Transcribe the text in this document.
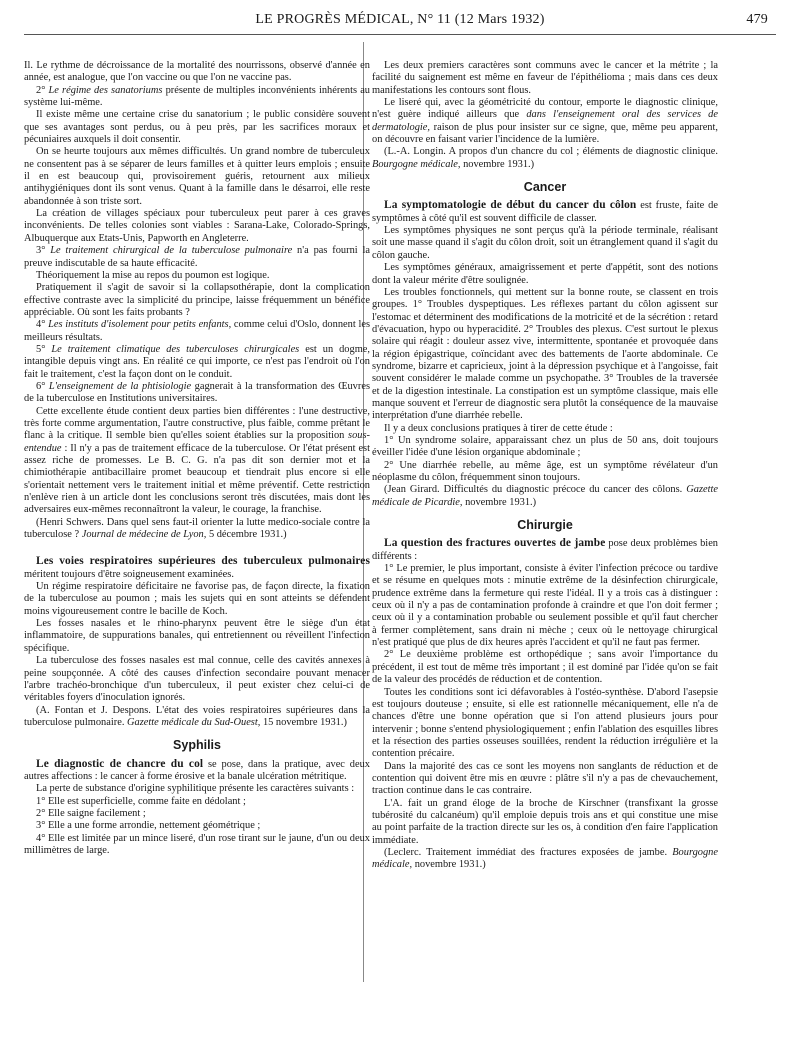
LE PROGRÈS MÉDICAL, N° 11 (12 Mars 1932)	479

Il. Le rythme de décroissance de la mortalité des nourrissons, observé d'année en année, est analogue, que l'on vaccine ou que l'on ne vaccine pas.

2° Le régime des sanatoriums présente de multiples inconvénients inhérents au système lui-même.

Il existe même une certaine crise du sanatorium ; le public considère souvent que ses avantages sont perdus, ou à peu près, par les sacrifices moraux et pécuniaires auxquels il doit consentir.

On se heurte toujours aux mêmes difficultés. Un grand nombre de tuberculeux ne consentent pas à se séparer de leurs familles et à quitter leurs emplois ; ensuite il en est beaucoup qui, provisoirement guéris, retournent aux milieux antihygiéniques dont ils sont venus. Quant à la famille dans le désarroi, elle reste abandonnée à son triste sort.

La création de villages spéciaux pour tuberculeux peut parer à ces graves inconvénients. De telles colonies sont viables : Sarana-Lake, Colorado-Springs, Albuquerque aux Etats-Unis, Papworth en Angleterre.

3° Le traitement chirurgical de la tuberculose pulmonaire n'a pas fourni la preuve indiscutable de sa haute efficacité.

Théoriquement la mise au repos du poumon est logique.

Pratiquement il s'agit de savoir si la collapsothérapie, dont la complication effective contraste avec la simplicité du principe, laisse fréquemment un bénéfice appréciable. Où sont les faits probants ?

4° Les instituts d'isolement pour petits enfants, comme celui d'Oslo, donnent les meilleurs résultats.

5° Le traitement climatique des tuberculoses chirurgicales est un dogme, intangible depuis vingt ans. En réalité ce qui importe, ce n'est pas l'endroit où l'on fait le traitement, c'est la façon dont on le conduit.

6° L'enseignement de la phtisiologie gagnerait à la transformation des Œuvres de la tuberculose en Institutions universitaires.

Cette excellente étude contient deux parties bien différentes : l'une destructive, très forte comme argumentation, l'autre constructive, plus faible, comme prêtant le flanc à la critique. Il semble bien qu'elles soient établies sur la proposition sous-entendue : Il n'y a pas de traitement efficace de la tuberculose. Or l'état présent est assez riche de promesses. Le B. C. G. n'a pas dit son dernier mot et la chimiothérapie antibacillaire promet beaucoup et tiendrait plus encore si elle s'orientait nettement vers le traitement initial et même préventif. Cette restriction n'enlève rien à un article dont les conclusions seront très discutées, mais dont les adversaires eux-mêmes reconnaîtront la valeur, le courage, la franchise.

(Henri Schwers. Dans quel sens faut-il orienter la lutte medico-sociale contre la tuberculose ? Journal de médecine de Lyon, 5 décembre 1931.)

Les voies respiratoires supérieures des tuberculeux pulmonaires méritent toujours d'être soigneusement examinées.

Un régime respiratoire déficitaire ne favorise pas, de façon directe, la fixation de la tuberculose au poumon ; mais les sujets qui en sont atteints se défendent moins vigoureusement contre le bacille de Koch.

Les fosses nasales et le rhino-pharynx peuvent être le siège d'un état inflammatoire, de suppurations banales, qui entretiennent ou réveillent l'infection spécifique.

La tuberculose des fosses nasales est mal connue, celle des cavités annexes à peine soupçonnée. A côté des causes d'infection secondaire pouvant menacer l'arbre trachéo-bronchique d'un tuberculeux, il peut exister chez celui-ci de véritables foyers d'inoculation ignorés.

(A. Fontan et J. Despons. L'état des voies respiratoires supérieures dans la tuberculose pulmonaire. Gazette médicale du Sud-Ouest, 15 novembre 1931.)

Syphilis

Le diagnostic de chancre du col se pose, dans la pratique, avec deux autres affections : le cancer à forme érosive et la banale ulcération métritique.

La perte de substance d'origine syphilitique présente les caractères suivants :

1° Elle est superficielle, comme faite en dédolant ;

2° Elle saigne facilement ;

3° Elle a une forme arrondie, nettement géométrique ;

4° Elle est limitée par un mince liseré, d'un rose tirant sur le jaune, d'un ou deux millimètres de large.

Les deux premiers caractères sont communs avec le cancer et la métrite ; la facilité du saignement est même en faveur de l'épithélioma ; mais dans ces deux manifestations les contours sont flous.

Le liseré qui, avec la géométricité du contour, emporte le diagnostic clinique, n'est guère indiqué ailleurs que dans l'enseignement oral des services de dermatologie, raison de plus pour insister sur ce signe, que, même peu apparent, on découvre en faisant varier l'incidence de la lumière.

(L.-A. Longin. A propos d'un chancre du col ; éléments de diagnostic clinique. Bourgogne médicale, novembre 1931.)

Cancer

La symptomatologie de début du cancer du côlon est fruste, faite de symptômes à côté qu'il est souvent difficile de classer.

Les symptômes physiques ne sont perçus qu'à la période terminale, réalisant soit une masse quand il s'agit du côlon droit, soit un étranglement quand il s'agit du côlon gauche.

Les symptômes généraux, amaigrissement et perte d'appétit, sont des notions dont la valeur mérite d'être soulignée.

Les troubles fonctionnels, qui mettent sur la bonne route, se classent en trois groupes. 1° Troubles dyspeptiques. Les réflexes partant du côlon agissent sur l'estomac et déterminent des modifications de la motricité et de la sécrétion : retard d'évacuation, hypo ou hyperacidité. 2° Troubles des plexus. C'est surtout le plexus solaire qui réagit : douleur assez vive, intermittente, spontanée et provoquée dans la région épigastrique, coïncidant avec des battements de l'aorte abdominale. Ce syndrome, bizarre et capricieux, joint à la dépression psychique et à l'angoisse, fait souvent considérer le malade comme un psychopathe. 3° Troubles de la traversée et de la digestion intestinale. La constipation est un symptôme classique, mais elle manque souvent et l'erreur de diagnostic sera plutôt la conséquence de la mauvaise interprétation d'une diarrhée rebelle.

Il y a deux conclusions pratiques à tirer de cette étude :

1° Un syndrome solaire, apparaissant chez un plus de 50 ans, doit toujours éveiller l'idée d'une lésion organique abdominale ;

2° Une diarrhée rebelle, au même âge, est un symptôme révélateur d'un néoplasme du côlon, fréquemment sinon toujours.

(Jean Girard. Difficultés du diagnostic précoce du cancer des côlons. Gazette médicale de Picardie, novembre 1931.)

Chirurgie

La question des fractures ouvertes de jambe pose deux problèmes bien différents :

1° Le premier, le plus important, consiste à éviter l'infection précoce ou tardive et se résume en quelques mots : minutie extrême de la désinfection chirurgicale, prudence extrême dans la fermeture qui reste l'idéal. Il y a trois cas à distinguer : ceux où il n'y a pas de contamination profonde à craindre et que l'on doit fermer ; ceux où il y a contamination probable ou seulement possible et qu'il faut chercher à fermer complètement, sans drain ni mèche ; ceux où le nettoyage chirurgical n'est pratiqué que plus de dix heures après l'accident et qu'il ne faut pas fermer.

2° Le deuxième problème est orthopédique ; sans avoir l'importance du précédent, il est tout de même très important ; il est dominé par l'idée qu'on se fait de la valeur des procédés de réduction et de contention.

Toutes les conditions sont ici défavorables à l'ostéo-synthèse. D'abord l'asepsie est toujours douteuse ; ensuite, si elle est rationnelle mécaniquement, elle n'a de chances d'être une bonne opération que si l'on attend plusieurs jours pour intervenir ; bonne s'entend physiologiquement ; enfin l'ablation des esquilles libres et la résection des parties osseuses souillées, rendent la réduction irrégulière et la contention précaire.

Dans la majorité des cas ce sont les moyens non sanglants de réduction et de contention qui doivent être mis en œuvre : plâtre s'il n'y a pas de chevauchement, traction continue dans le cas contraire.

L'A. fait un grand éloge de la broche de Kirschner (transfixant la grosse tubérosité du calcanéum) qu'il emploie depuis trois ans et qui constitue une mise au point parfaite de la traction directe sur les os, à condition d'en faire l'application immédiate.

(Leclerc. Traitement immédiat des fractures exposées de jambe. Bourgogne médicale, novembre 1931.)
